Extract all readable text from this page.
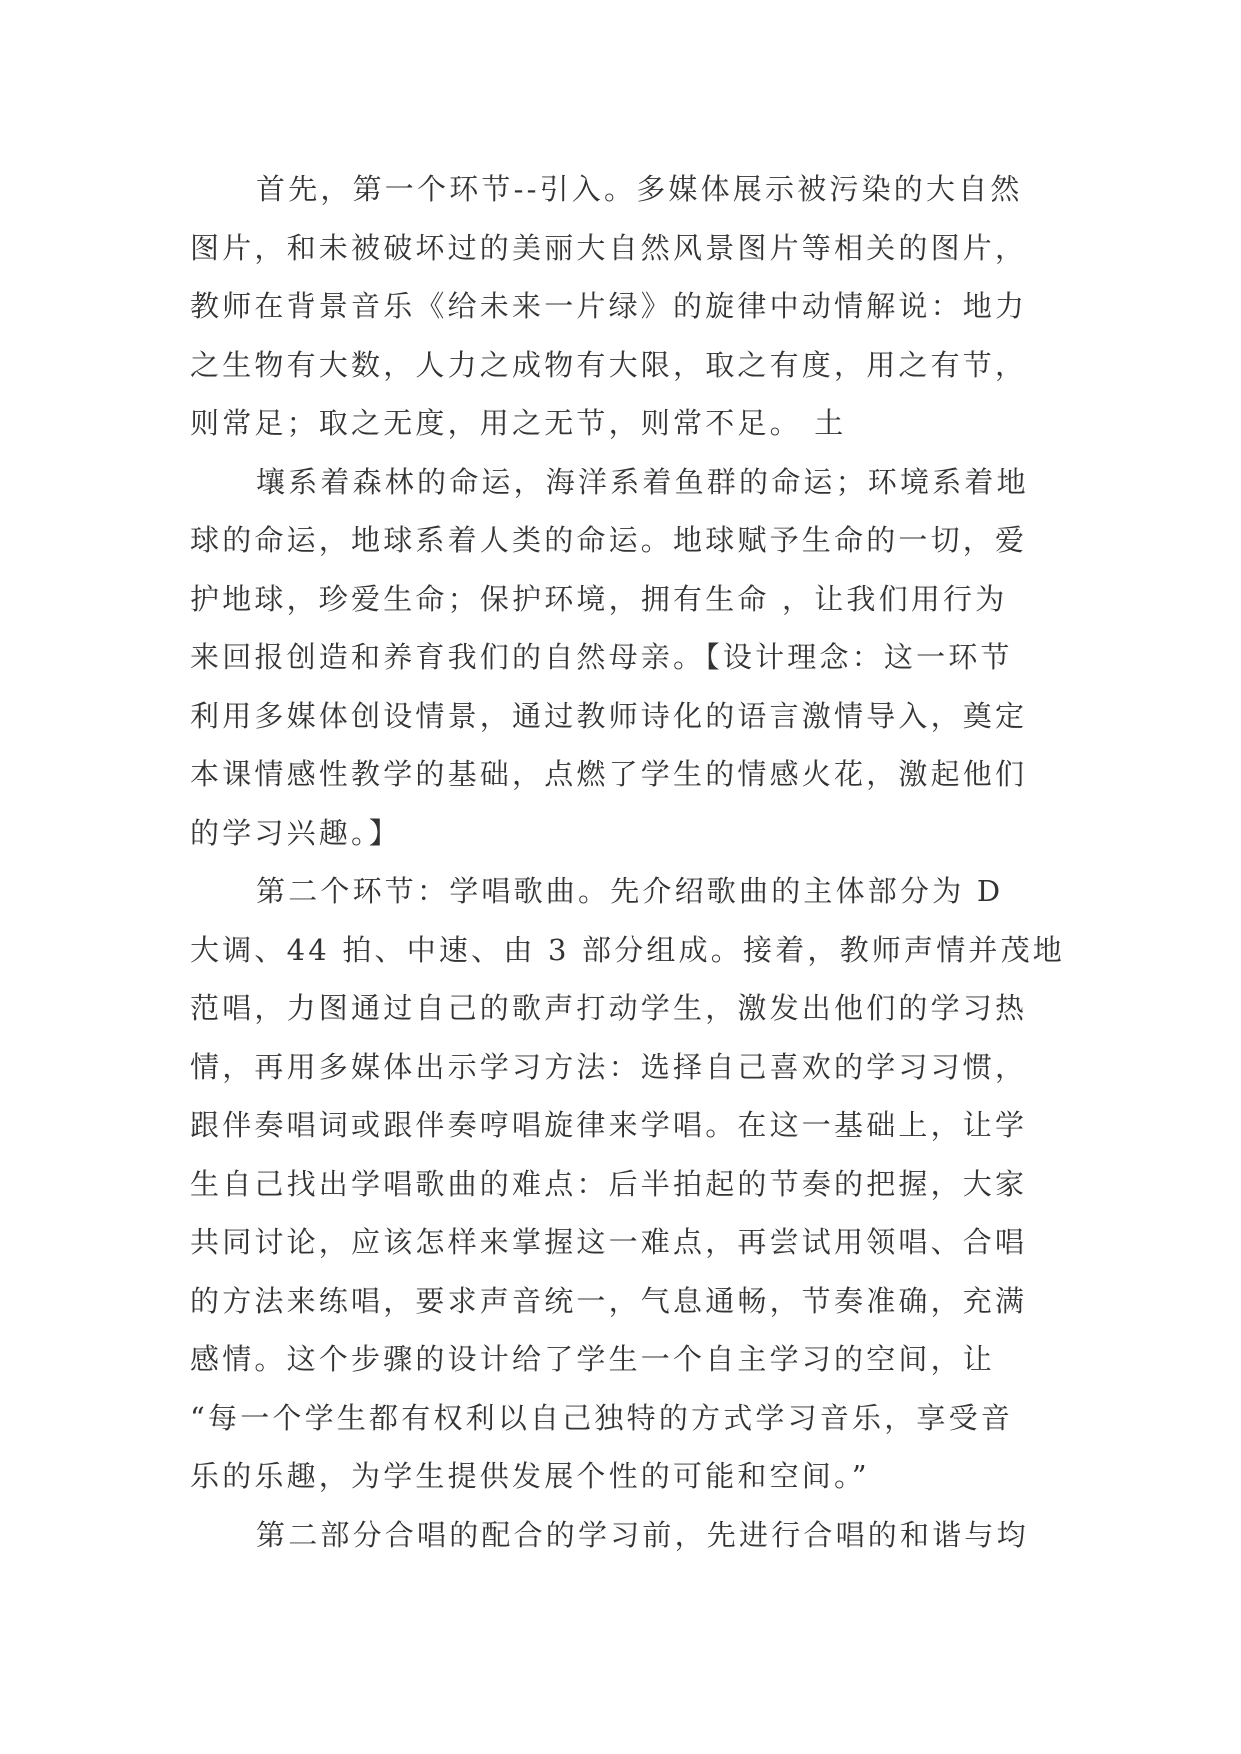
首先，第一个环节--引入。多媒体展示被污染的大自然
图片，和未被破坏过的美丽大自然风景图片等相关的图片，
教师在背景音乐《给未来一片绿》的旋律中动情解说：地力
之生物有大数，人力之成物有大限，取之有度，用之有节，
则常足；取之无度，用之无节，则常不足。 土
壤系着森林的命运，海洋系着鱼群的命运；环境系着地
球的命运，地球系着人类的命运。地球赋予生命的一切，爱
护地球，珍爱生命；保护环境，拥有生命 ，让我们用行为
来回报创造和养育我们的自然母亲。【设计理念：这一环节
利用多媒体创设情景，通过教师诗化的语言激情导入，奠定
本课情感性教学的基础，点燃了学生的情感火花，激起他们
的学习兴趣。】
第二个环节：学唱歌曲。先介绍歌曲的主体部分为 D
大调、44 拍、中速、由 3 部分组成。接着，教师声情并茂地
范唱，力图通过自己的歌声打动学生，激发出他们的学习热
情，再用多媒体出示学习方法：选择自己喜欢的学习习惯，
跟伴奏唱词或跟伴奏哼唱旋律来学唱。在这一基础上，让学
生自己找出学唱歌曲的难点：后半拍起的节奏的把握，大家
共同讨论，应该怎样来掌握这一难点，再尝试用领唱、合唱
的方法来练唱，要求声音统一，气息通畅，节奏准确，充满
感情。这个步骤的设计给了学生一个自主学习的空间，让
“每一个学生都有权利以自己独特的方式学习音乐，享受音
乐的乐趣，为学生提供发展个性的可能和空间。”
第二部分合唱的配合的学习前，先进行合唱的和谐与均
